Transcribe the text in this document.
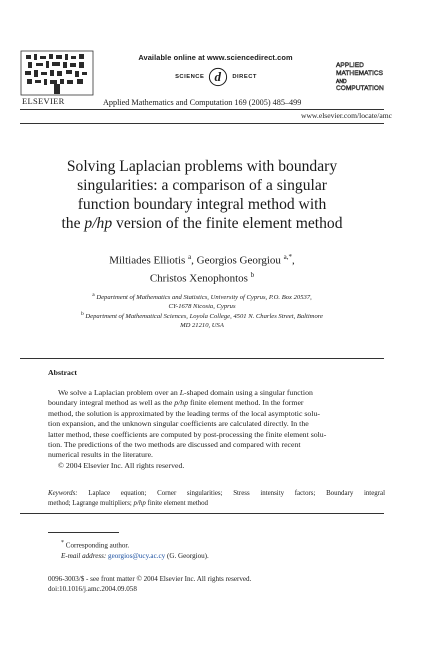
ELSEVIER
Available online at www.sciencedirect.com
SCIENCE d DIRECT
Applied Mathematics and Computation 169 (2005) 485–499
APPLIED
MATHEMATICS
AND
COMPUTATION
www.elsevier.com/locate/amc
Solving Laplacian problems with boundary
singularities: a comparison of a singular
function boundary integral method with
the p/hp version of the finite element method
Miltiades Elliotis $^a$, Georgios Georgiou $^{a,*}$,
Christos Xenophontos $^b$
$^a$ Department of Mathematics and Statistics, University of Cyprus, P.O. Box 20537,
CY-1678 Nicosia, Cyprus
$^b$ Department of Mathematical Sciences, Loyola College, 4501 N. Charles Street, Baltimore
MD 21210, USA
Abstract
We solve a Laplacian problem over an L-shaped domain using a singular function
boundary integral method as well as the p/hp finite element method. In the former
method, the solution is approximated by the leading terms of the local asymptotic solu-
tion expansion, and the unknown singular coefficients are calculated directly. In the
latter method, these coefficients are computed by post-processing the finite element solu-
tion. The predictions of the two methods are discussed and compared with recent
numerical results in the literature.
© 2004 Elsevier Inc. All rights reserved.
Keywords: Laplace equation; Corner singularities; Stress intensity factors; Boundary integral
method; Lagrange multipliers; p/hp finite element method
* Corresponding author.
E-mail address: georgios@ucy.ac.cy (G. Georgiou).
0096-3003/$ - see front matter © 2004 Elsevier Inc. All rights reserved.
doi:10.1016/j.amc.2004.09.058
